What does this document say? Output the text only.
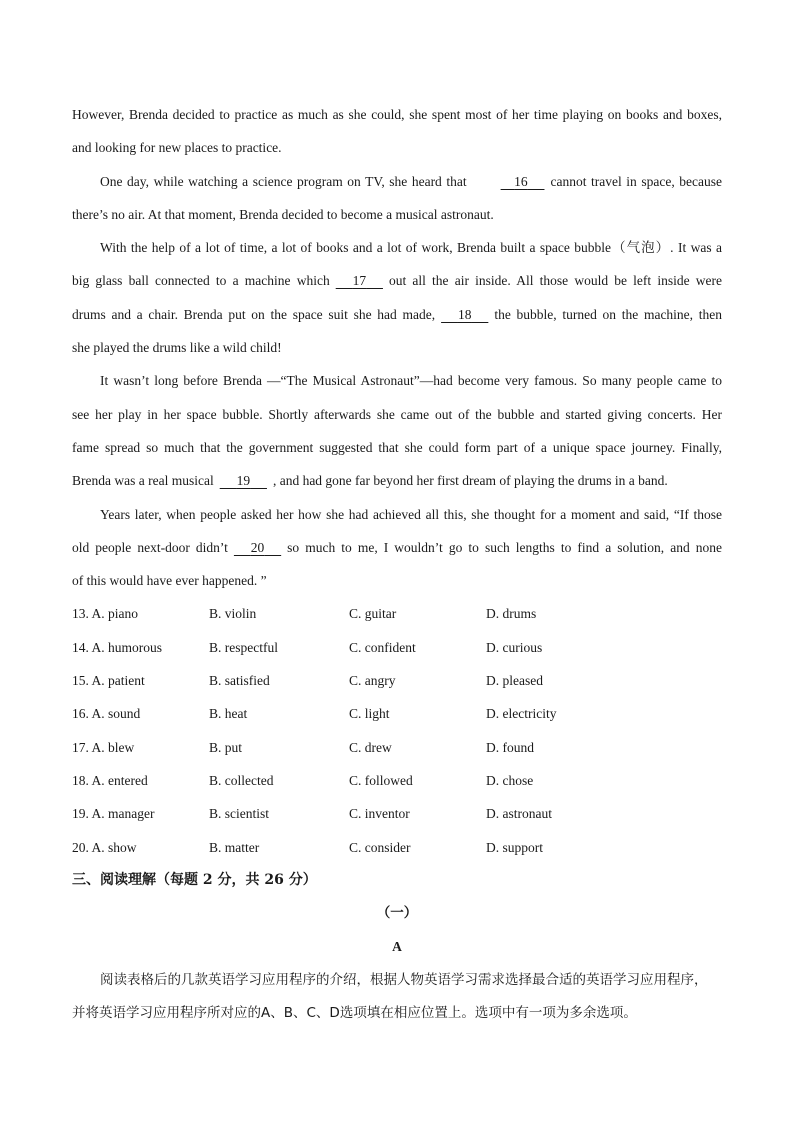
However, Brenda decided to practice as much as she could, she spent most of her time playing on books and boxes,
and looking for new places to practice.
One day, while watching a science program on TV, she heard that	16 cannot travel in space, because
there’s no air. At that moment, Brenda decided to become a musical astronaut.
With the help of a lot of time, a lot of books and a lot of work, Brenda built a space bubble（气泡）. It was a
big glass ball connected to a machine which 17 out all the air inside. All those would be left inside were
drums and a chair. Brenda put on the space suit she had made, 18 the bubble, turned on the machine, then
she played the drums like a wild child!
It wasn’t long before Brenda —“The Musical Astronaut”—had become very famous. So many people came to
see her play in her space bubble. Shortly afterwards she came out of the bubble and started giving concerts. Her
fame spread so much that the government suggested that she could form part of a unique space journey. Finally,
Brenda was a real musical 19 , and had gone far beyond her first dream of playing the drums in a band.
Years later, when people asked her how she had achieved all this, she thought for a moment and said, “If those
old people next-door didn’t 20 so much to me, I wouldn’t go to such lengths to find a solution, and none
of this would have ever happened. ”
13. A. piano	B. violin	C. guitar	D. drums
14. A. humorous	B. respectful	C. confident	D. curious
15. A. patient	B. satisfied	C. angry	D. pleased
16. A. sound	B. heat	C. light	D. electricity
17. A. blew	B. put	C. drew	D. found
18. A. entered	B. collected	C. followed	D. chose
19. A. manager	B. scientist	C. inventor	D. astronaut
20. A. show	B. matter	C. consider	D. support
三、阅读理解（每题 2 分，共 26 分）
（一）
A
阅读表格后的几款英语学习应用程序的介绍，根据人物英语学习需求选择最合适的英语学习应用程序，
并将英语学习应用程序所对应的A、B、C、D选项填在相应位置上。选项中有一项为多余选项。
